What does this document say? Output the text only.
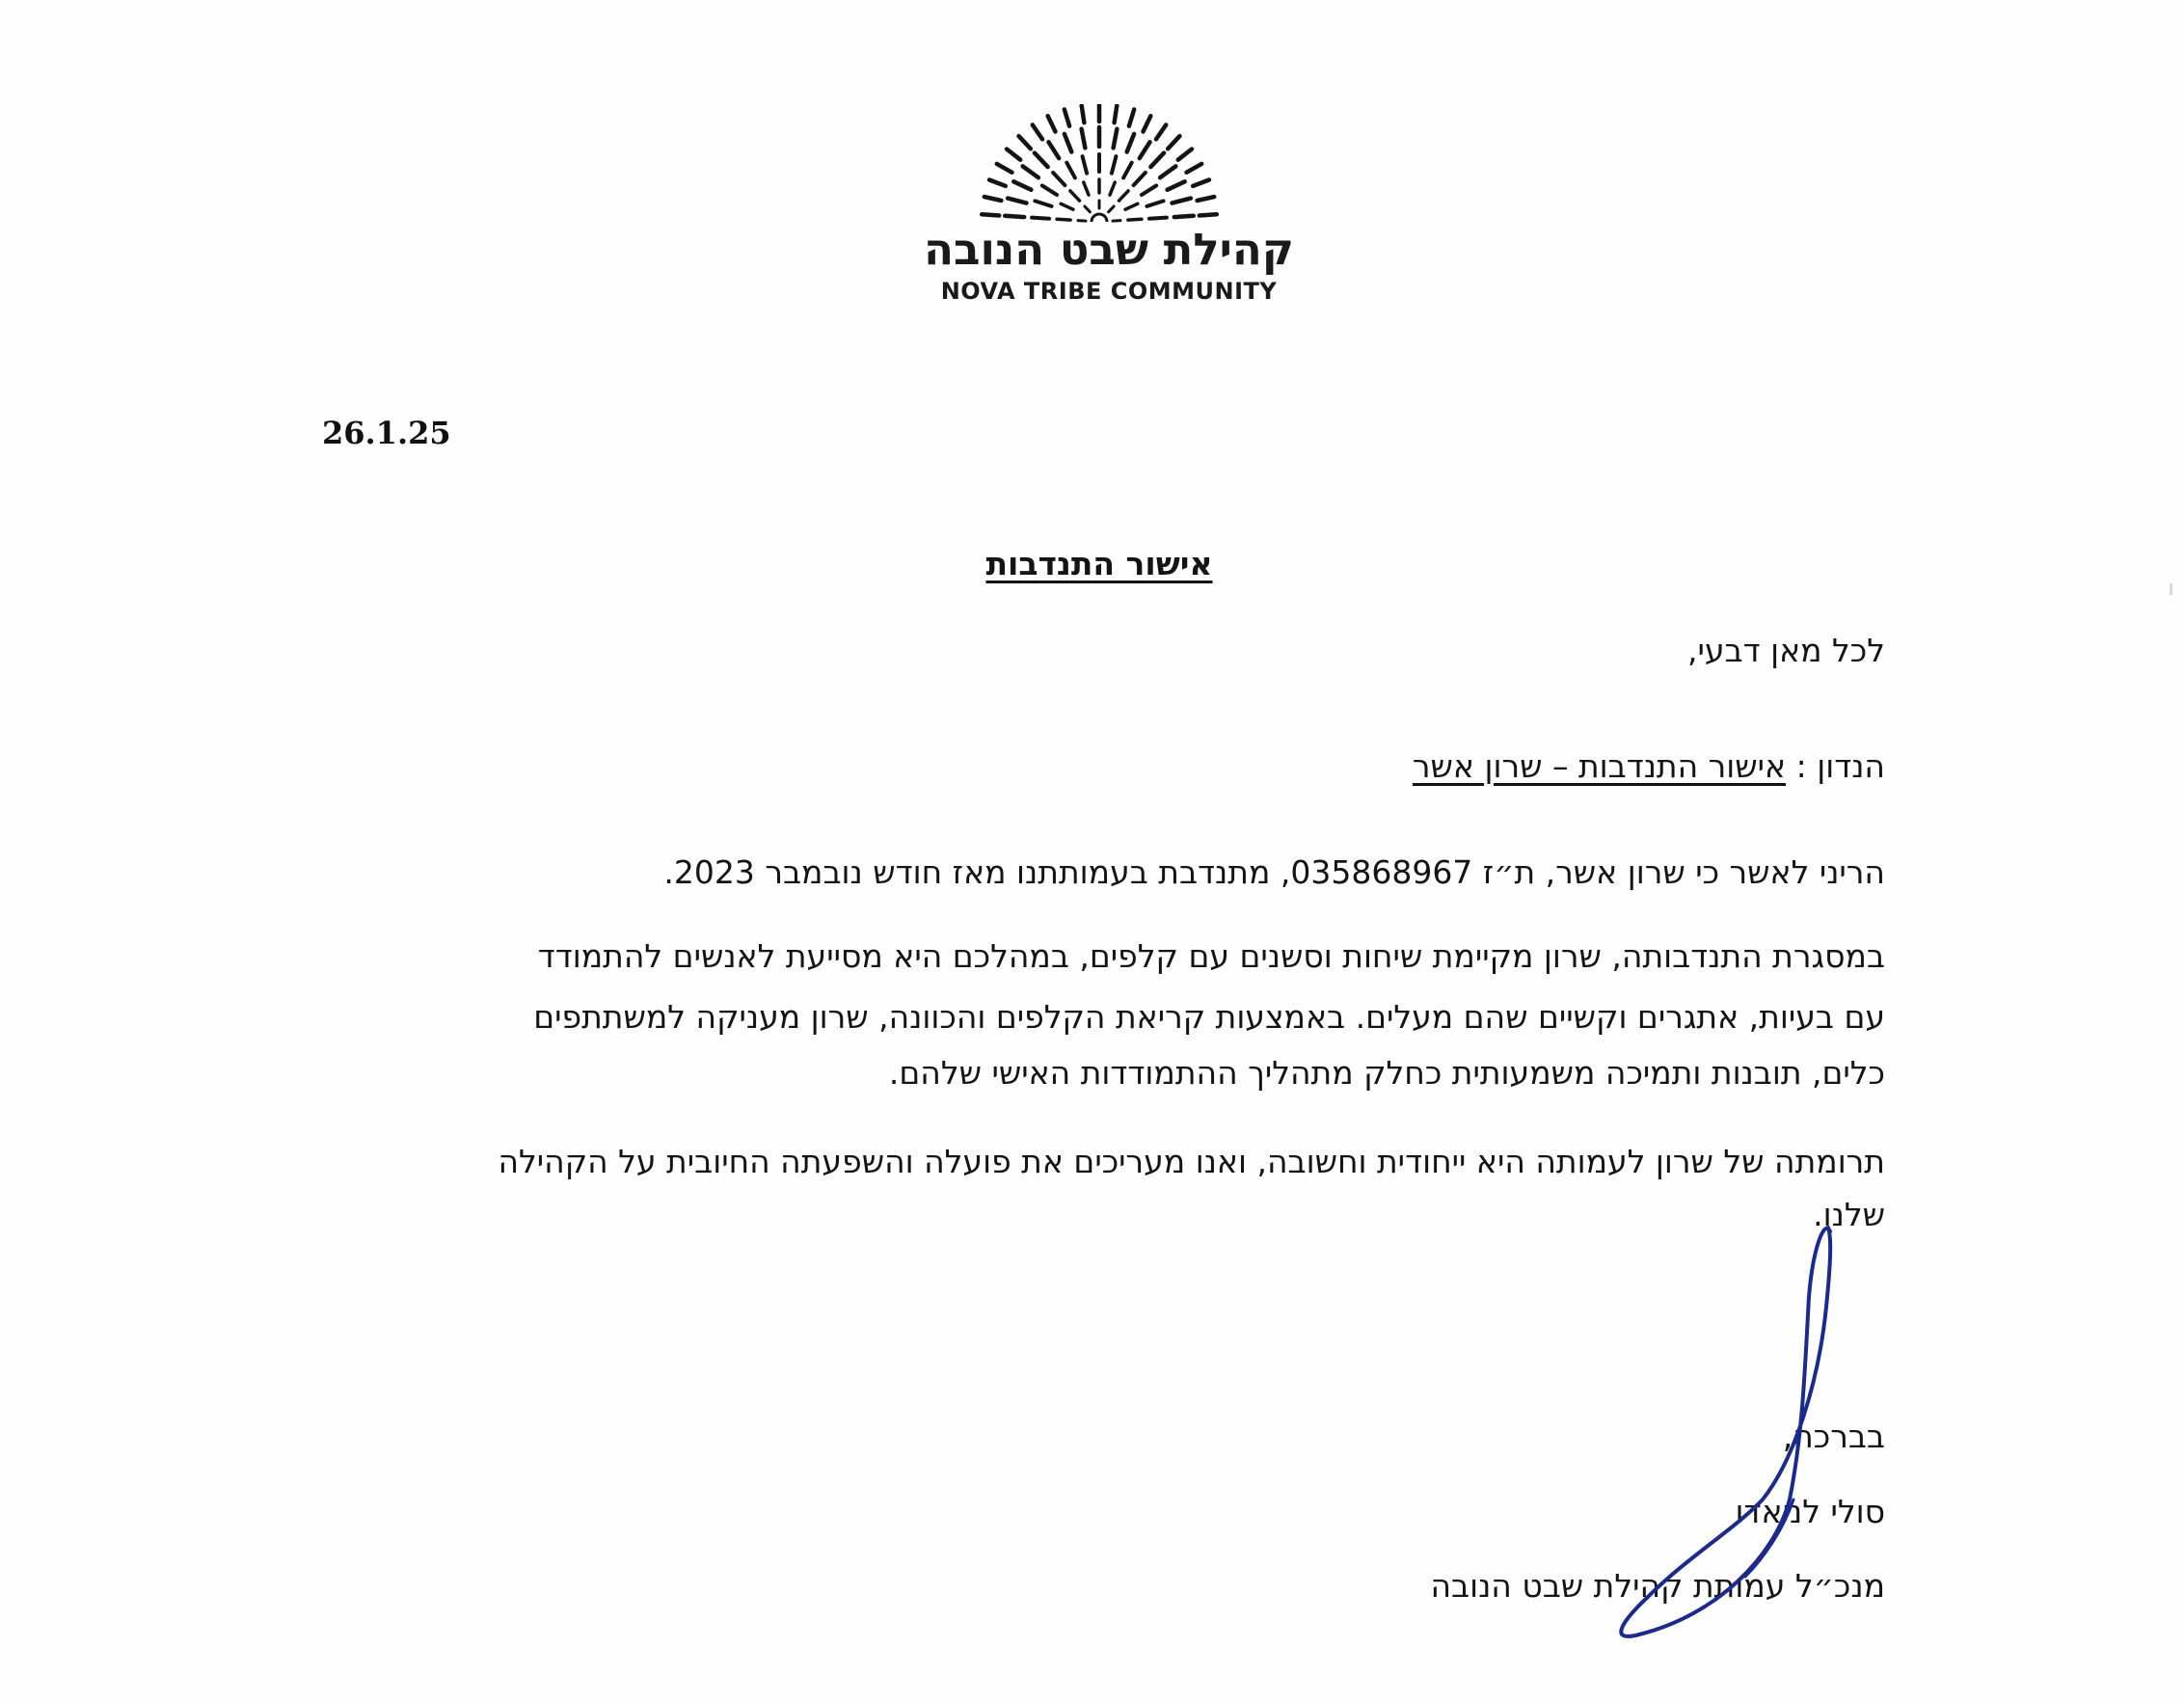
קהילת שבט הנובה
NOVA TRIBE COMMUNITY
26.1.25
אישור התנדבות
לכל מאן דבעי,
הנדון : אישור התנדבות – שרון אשר
הריני לאשר כי שרון אשר, ת״ז 035868967, מתנדבת בעמותתנו מאז חודש נובמבר 2023.
במסגרת התנדבותה, שרון מקיימת שיחות וסשנים עם קלפים, במהלכם היא מסייעת לאנשים להתמודד
עם בעיות, אתגרים וקשיים שהם מעלים. באמצעות קריאת הקלפים והכוונה, שרון מעניקה למשתתפים
כלים, תובנות ותמיכה משמעותית כחלק מתהליך ההתמודדות האישי שלהם.
תרומתה של שרון לעמותה היא ייחודית וחשובה, ואנו מעריכים את פועלה והשפעתה החיובית על הקהילה
שלנו.
בברכה,
סולי לניאדו
מנכ״ל עמותת קהילת שבט הנובה
